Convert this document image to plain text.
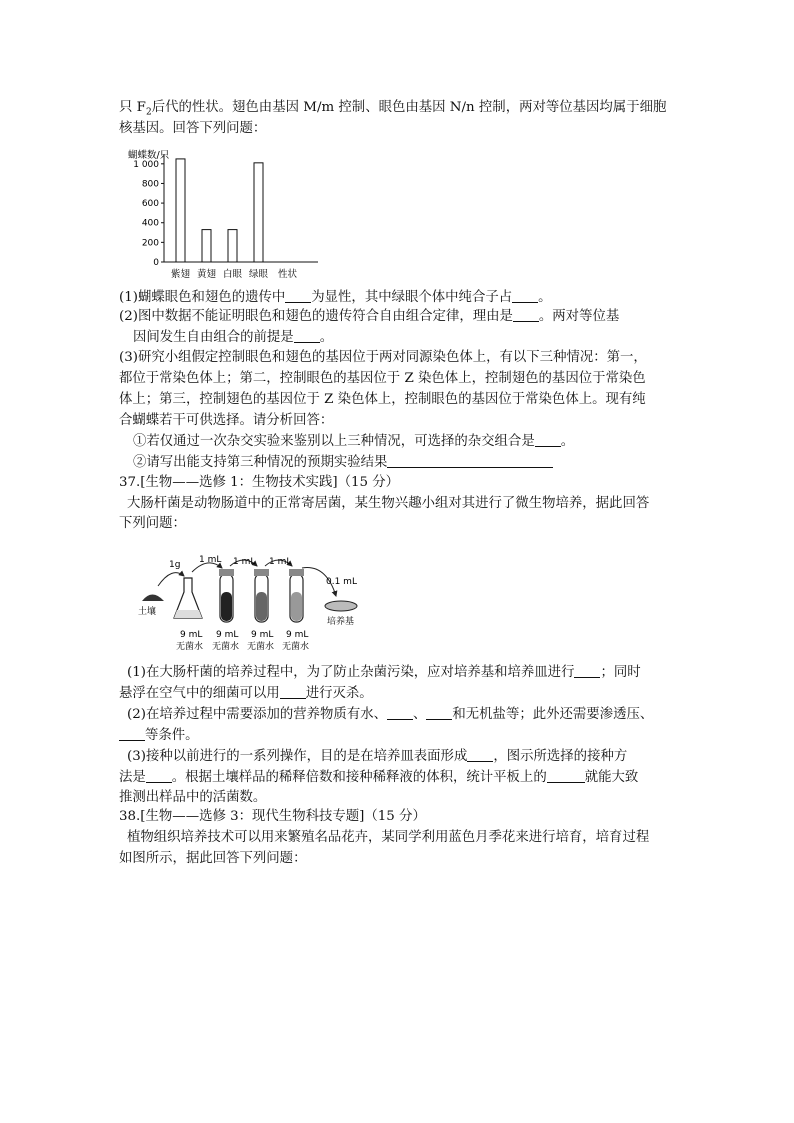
只 $F_2$后代的性状。翅色由基因 M/m 控制、眼色由基因 N/n 控制，两对等位基因均属于细胞
核基因。回答下列问题：
蝴蝶数/只
0
200
400
600
800
1 000
紫翅 黄翅 白眼 绿眼 性状
(1)蝴蝶眼色和翅色的遗传中 为显性，其中绿眼个体中纯合子占 。
(2)图中数据不能证明眼色和翅色的遗传符合自由组合定律，理由是 。两对等位基
因间发生自由组合的前提是 。
(3)研究小组假定控制眼色和翅色的基因位于两对同源染色体上，有以下三种情况：第一，
都位于常染色体上；第二，控制眼色的基因位于 Z 染色体上，控制翅色的基因位于常染色
体上；第三，控制翅色的基因位于 Z 染色体上，控制眼色的基因位于常染色体上。现有纯
合蝴蝶若干可供选择。请分析回答：
①若仅通过一次杂交实验来鉴别以上三种情况，可选择的杂交组合是 。
②请写出能支持第三种情况的预期实验结果
37.[生物——选修 1：生物技术实践]（15 分）
大肠杆菌是动物肠道中的正常寄居菌，某生物兴趣小组对其进行了微生物培养，据此回答
下列问题：
土壤
培养基
1g 1 mL 1 mL 1 mL
0.1 mL
9 mL
无菌水
9 mL
无菌水
9 mL
无菌水
9 mL
无菌水
(1)在大肠杆菌的培养过程中，为了防止杂菌污染，应对培养基和培养皿进行 ；同时
悬浮在空气中的细菌可以用 进行灭杀。
(2)在培养过程中需要添加的营养物质有水、 、 和无机盐等；此外还需要渗透压、
等条件。
(3)接种以前进行的一系列操作，目的是在培养皿表面形成 ，图示所选择的接种方
法是 。根据土壤样品的稀释倍数和接种稀释液的体积，统计平板上的	就能大致
推测出样品中的活菌数。
38.[生物——选修 3：现代生物科技专题]（15 分）
植物组织培养技术可以用来繁殖名品花卉，某同学利用蓝色月季花来进行培育，培育过程
如图所示，据此回答下列问题：
